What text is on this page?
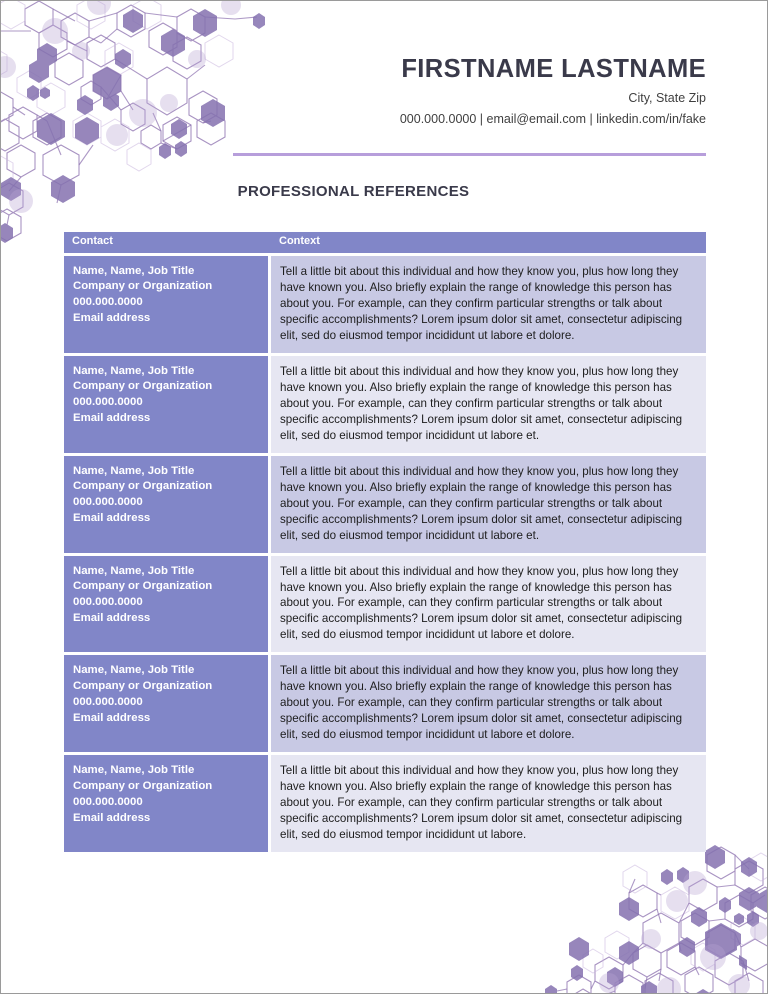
FIRSTNAME LASTNAME

City, State Zip

000.000.0000 | email@email.com | linkedin.com/in/fake

PROFESSIONAL REFERENCES
Contact	Context

Name, Name, Job Title
Company or Organization
000.000.0000
Email address
	Tell a little bit about this individual and how they know you, plus how long they have known you. Also briefly explain the range of knowledge this person has about you. For example, can they confirm particular strengths or talk about specific accomplishments? Lorem ipsum dolor sit amet, consectetur adipiscing elit, sed do eiusmod tempor incididunt ut labore et dolore.

Name, Name, Job Title
Company or Organization
000.000.0000
Email address
	Tell a little bit about this individual and how they know you, plus how long they have known you. Also briefly explain the range of knowledge this person has about you. For example, can they confirm particular strengths or talk about specific accomplishments? Lorem ipsum dolor sit amet, consectetur adipiscing elit, sed do eiusmod tempor incididunt ut labore et.

Name, Name, Job Title
Company or Organization
000.000.0000
Email address
	Tell a little bit about this individual and how they know you, plus how long they have known you. Also briefly explain the range of knowledge this person has about you. For example, can they confirm particular strengths or talk about specific accomplishments? Lorem ipsum dolor sit amet, consectetur adipiscing elit, sed do eiusmod tempor incididunt ut labore et.

Name, Name, Job Title
Company or Organization
000.000.0000
Email address
	Tell a little bit about this individual and how they know you, plus how long they have known you. Also briefly explain the range of knowledge this person has about you. For example, can they confirm particular strengths or talk about specific accomplishments? Lorem ipsum dolor sit amet, consectetur adipiscing elit, sed do eiusmod tempor incididunt ut labore et dolore.

Name, Name, Job Title
Company or Organization
000.000.0000
Email address
	Tell a little bit about this individual and how they know you, plus how long they have known you. Also briefly explain the range of knowledge this person has about you. For example, can they confirm particular strengths or talk about specific accomplishments? Lorem ipsum dolor sit amet, consectetur adipiscing elit, sed do eiusmod tempor incididunt ut labore et dolore.

Name, Name, Job Title
Company or Organization
000.000.0000
Email address
	Tell a little bit about this individual and how they know you, plus how long they have known you. Also briefly explain the range of knowledge this person has about you. For example, can they confirm particular strengths or talk about specific accomplishments? Lorem ipsum dolor sit amet, consectetur adipiscing elit, sed do eiusmod tempor incididunt ut labore.
